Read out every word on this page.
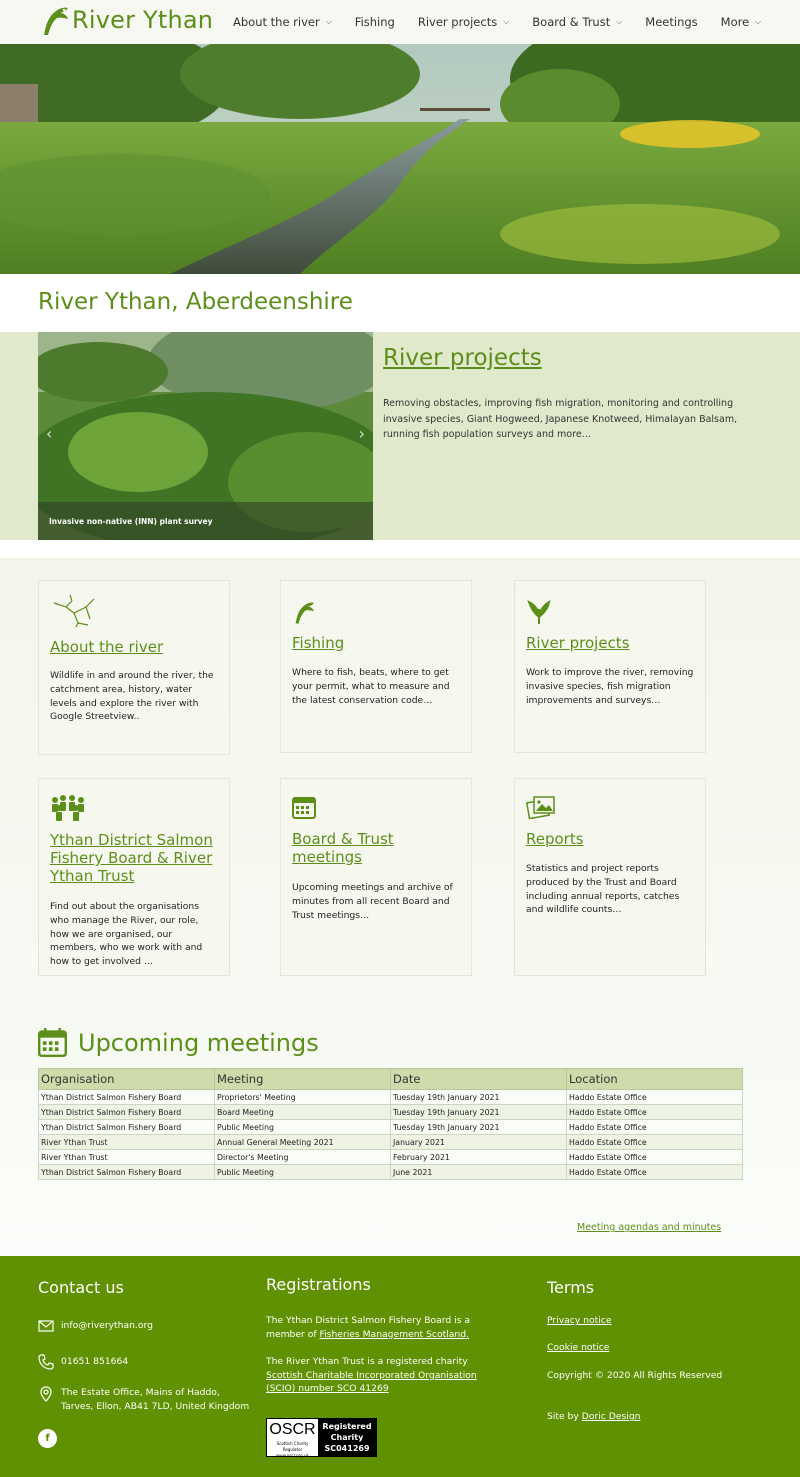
River Ythan About the river ⌵ Fishing River projects ⌵ Board & Trust ⌵ Meetings More ⌵
River Ythan, Aberdeenshire
‹	›
Invasive non-native (INN) plant survey
River projects

Removing obstacles, improving fish migration, monitoring and controlling invasive species, Giant Hogweed, Japanese Knotweed, Himalayan Balsam, running fish population surveys and more…

About the river
Wildlife in and around the river, the catchment area, history, water levels and explore the river with Google Streetview..
Fishing
Where to fish, beats, where to get your permit, what to measure and the latest conservation code…
River projects
Work to improve the river, removing invasive species, fish migration improvements and surveys…
Ythan District Salmon Fishery Board & River Ythan Trust
Find out about the organisations who manage the River, our role, how we are organised, our members, who we work with and how to get involved …
Board & Trust meetings
Upcoming meetings and archive of minutes from all recent Board and Trust meetings…
Reports
Statistics and project reports produced by the Trust and Board including annual reports, catches and wildlife counts…
Upcoming meetings
Organisation	Meeting	Date	Location
Ythan District Salmon Fishery Board	Proprietors' Meeting	Tuesday 19th January 2021	Haddo Estate Office
Ythan District Salmon Fishery Board	Board Meeting	Tuesday 19th January 2021	Haddo Estate Office
Ythan District Salmon Fishery Board	Public Meeting	Tuesday 19th January 2021	Haddo Estate Office
River Ythan Trust	Annual General Meeting 2021	January 2021	Haddo Estate Office
River Ythan Trust	Director's Meeting	February 2021	Haddo Estate Office
Ythan District Salmon Fishery Board	Public Meeting	June 2021	Haddo Estate Office
Meeting agendas and minutes
Contact us
info@riverythan.org
01651 851664
The Estate Office, Mains of Haddo,
Tarves, Ellon, AB41 7LD, United Kingdom
f
Registrations
The Ythan District Salmon Fishery Board is a
member of Fisheries Management Scotland.
The River Ythan Trust is a registered charity
Scottish Charitable Incorporated Organisation
(SCIO) number SCO 41269
OSCR
Scottish Charity Regulator
www.oscr.org.uk
Registered
Charity
SC041269
Terms
Privacy notice
Cookie notice
Copyright © 2020 All Rights Reserved
Site by Doric Design
